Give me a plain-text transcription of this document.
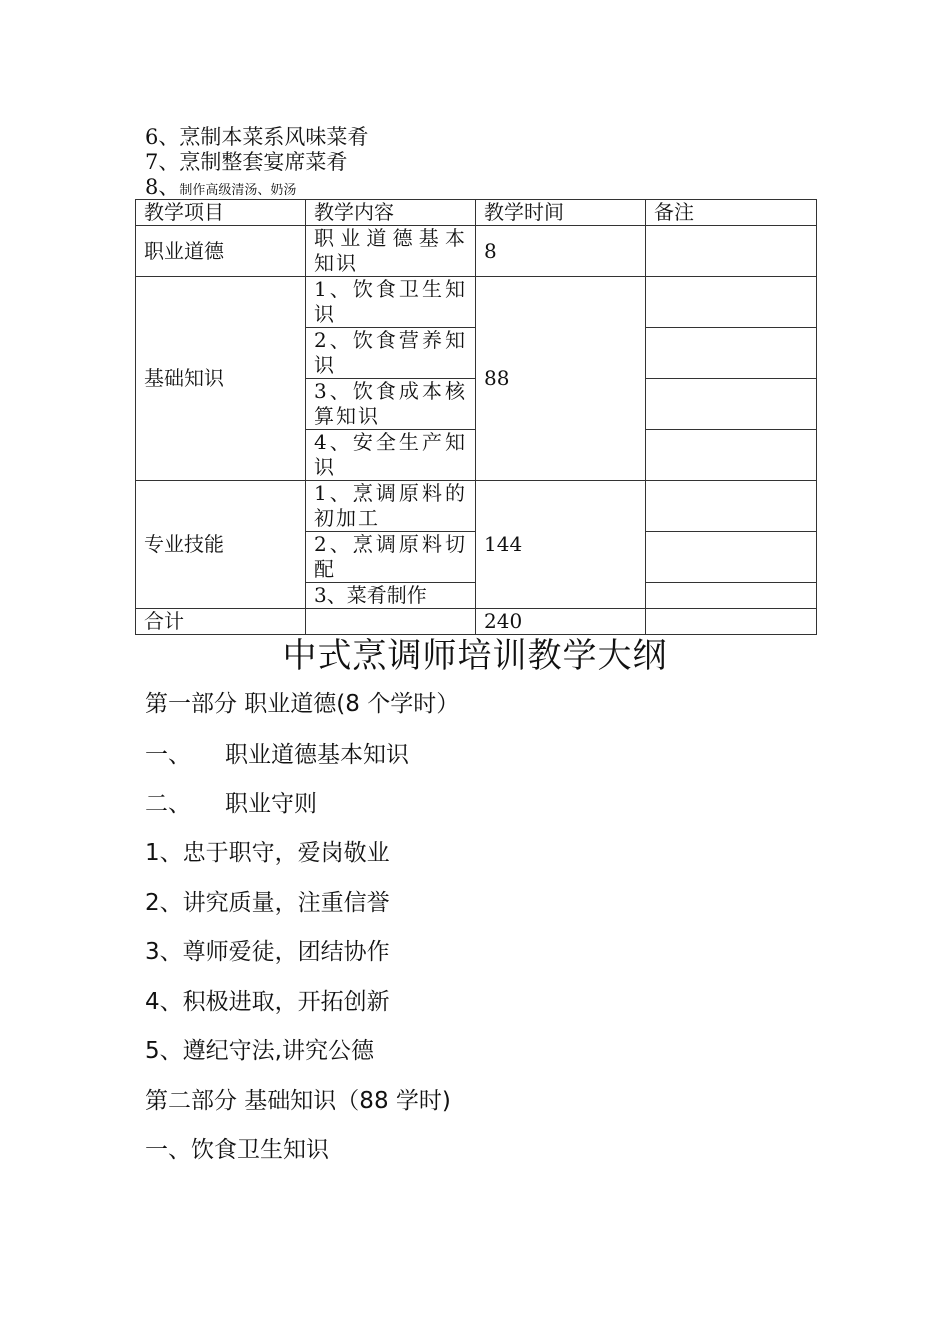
6、烹制本菜系风味菜肴
7、烹制整套宴席菜肴
8、制作高级清汤、奶汤
教学项目	教学内容	教学时间	备注
职业道德	职业道德基本知识	8	
基础知识	1、饮食卫生知识	88	
	2、饮食营养知识		
	3、饮食成本核算知识		
	4、安全生产知识		
专业技能	1、烹调原料的初加工	144	
	2、烹调原料切配		
	3、菜肴制作		
合计		240	
中式烹调师培训教学大纲
第一部分 职业道德(8 个学时）
一、 职业道德基本知识
二、 职业守则
1、忠于职守，爱岗敬业
2、讲究质量，注重信誉
3、尊师爱徒，团结协作
4、积极进取，开拓创新
5、遵纪守法,讲究公德
第二部分 基础知识（88 学时)
一、饮食卫生知识
